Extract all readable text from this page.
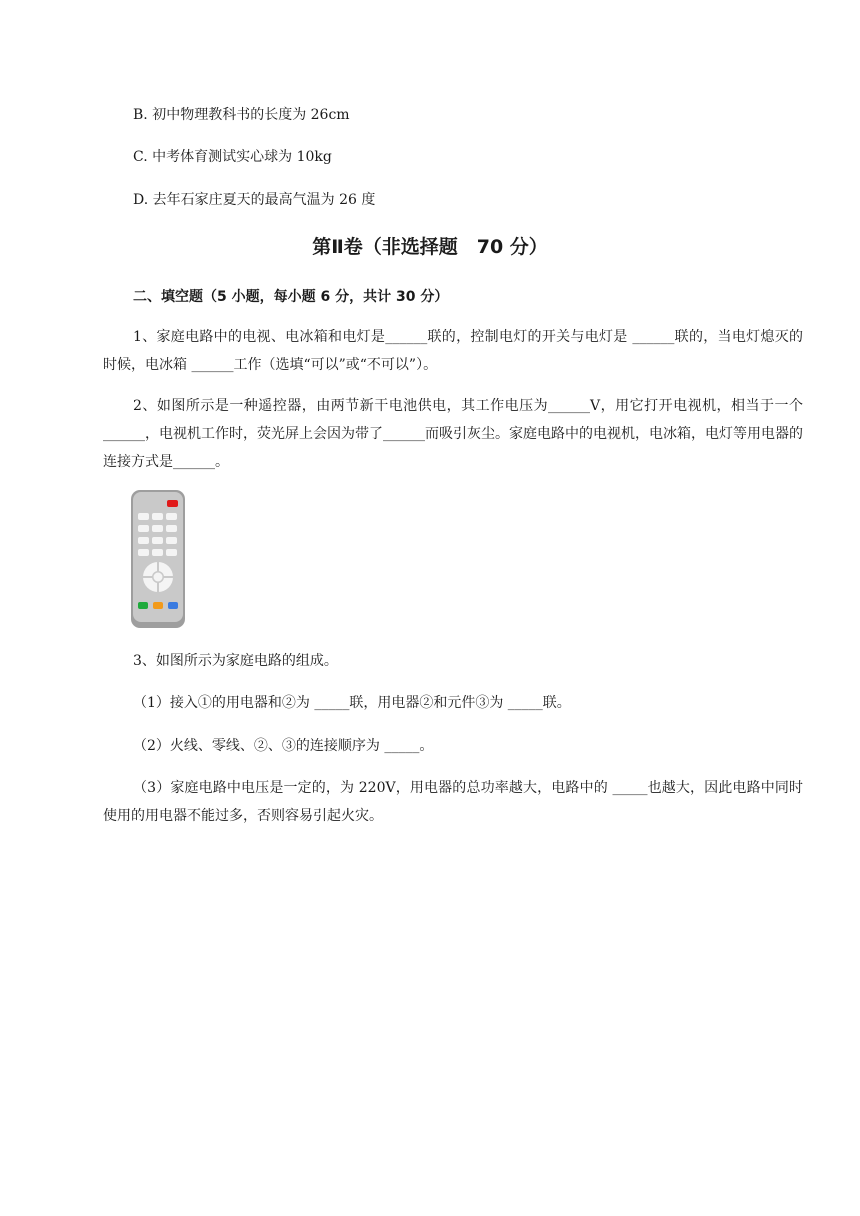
B. 初中物理教科书的长度为 26cm
C. 中考体育测试实心球为 10kg
D. 去年石家庄夏天的最高气温为 26 度
第Ⅱ卷（非选择题　70 分）
二、填空题（5 小题，每小题 6 分，共计 30 分）

1、家庭电路中的电视、电冰箱和电灯是______联的，控制电灯的开关与电灯是 ______联的，当电灯熄灭的时候，电冰箱 ______工作（选填“可以”或“不可以”）。

2、如图所示是一种遥控器，由两节新干电池供电，其工作电压为______V，用它打开电视机，相当于一个______，电视机工作时，荧光屏上会因为带了______而吸引灰尘。家庭电路中的电视机，电冰箱，电灯等用电器的连接方式是______。

3、如图所示为家庭电路的组成。

（1）接入①的用电器和②为 _____联，用电器②和元件③为 _____联。

（2）火线、零线、②、③的连接顺序为 _____。

（3）家庭电路中电压是一定的，为 220V，用电器的总功率越大，电路中的 _____也越大，因此电路中同时使用的用电器不能过多，否则容易引起火灾。
